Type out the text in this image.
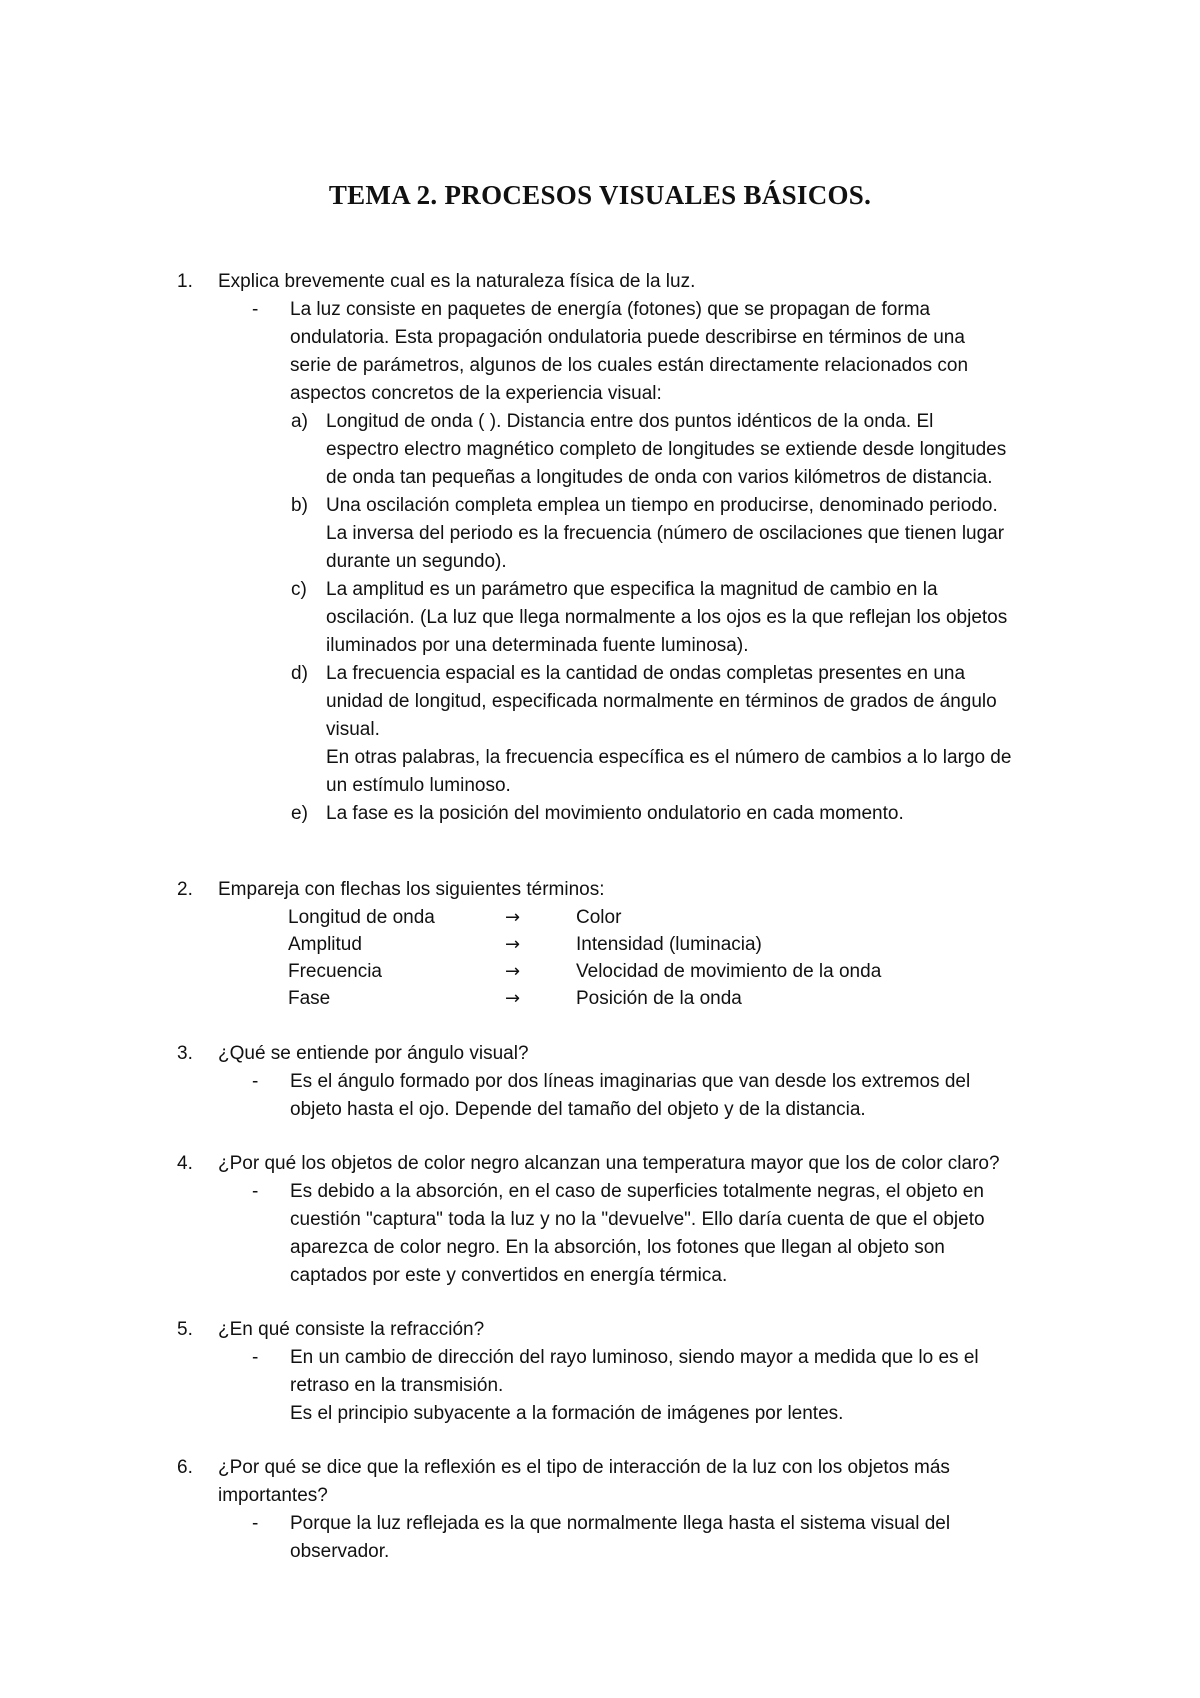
TEMA 2. PROCESOS VISUALES BÁSICOS.
1. Explica brevemente cual es la naturaleza física de la luz.
- La luz consiste en paquetes de energía (fotones) que se propagan de forma
ondulatoria. Esta propagación ondulatoria puede describirse en términos de una
serie de parámetros, algunos de los cuales están directamente relacionados con
aspectos concretos de la experiencia visual:
a) Longitud de onda ( ). Distancia entre dos puntos idénticos de la onda. El
espectro electro magnético completo de longitudes se extiende desde longitudes
de onda tan pequeñas a longitudes de onda con varios kilómetros de distancia.
b) Una oscilación completa emplea un tiempo en producirse, denominado periodo.
La inversa del periodo es la frecuencia (número de oscilaciones que tienen lugar
durante un segundo).
c) La amplitud es un parámetro que especifica la magnitud de cambio en la
oscilación. (La luz que llega normalmente a los ojos es la que reflejan los objetos
iluminados por una determinada fuente luminosa).
d) La frecuencia espacial es la cantidad de ondas completas presentes en una
unidad de longitud, especificada normalmente en términos de grados de ángulo
visual.
En otras palabras, la frecuencia específica es el número de cambios a lo largo de
un estímulo luminoso.
e) La fase es la posición del movimiento ondulatorio en cada momento.
2. Empareja con flechas los siguientes términos:
Longitud de onda	→	Color
Amplitud	→	Intensidad (luminacia)
Frecuencia	→	Velocidad de movimiento de la onda
Fase	→	Posición de la onda
3. ¿Qué se entiende por ángulo visual?
- Es el ángulo formado por dos líneas imaginarias que van desde los extremos del
objeto hasta el ojo. Depende del tamaño del objeto y de la distancia.
4. ¿Por qué los objetos de color negro alcanzan una temperatura mayor que los de color claro?
- Es debido a la absorción, en el caso de superficies totalmente negras, el objeto en
cuestión "captura" toda la luz y no la "devuelve". Ello daría cuenta de que el objeto
aparezca de color negro. En la absorción, los fotones que llegan al objeto son
captados por este y convertidos en energía térmica.
5. ¿En qué consiste la refracción?
- En un cambio de dirección del rayo luminoso, siendo mayor a medida que lo es el
retraso en la transmisión.
Es el principio subyacente a la formación de imágenes por lentes.
6. ¿Por qué se dice que la reflexión es el tipo de interacción de la luz con los objetos más
importantes?
- Porque la luz reflejada es la que normalmente llega hasta el sistema visual del
observador.
